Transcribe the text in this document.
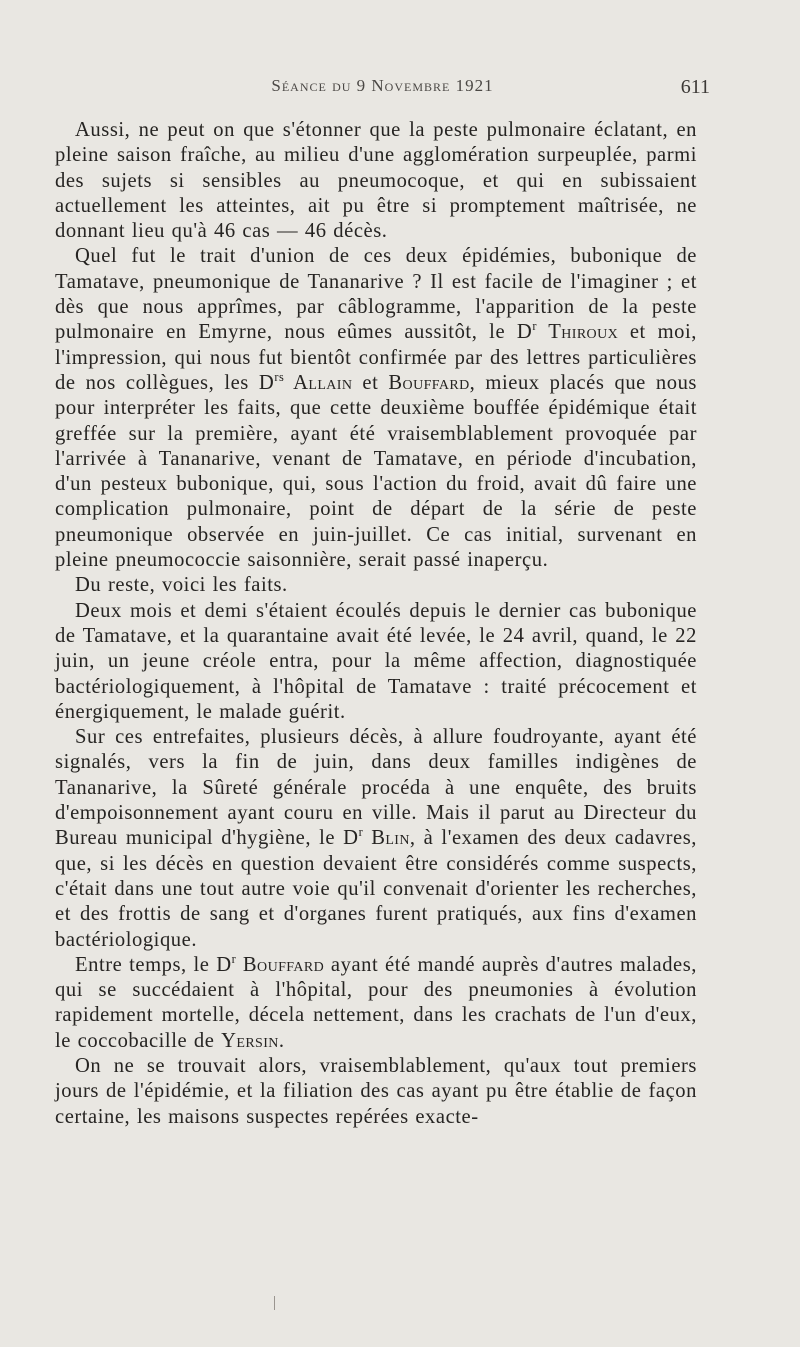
Séance du 9 Novembre 1921	611

Aussi, ne peut on que s'étonner que la peste pulmonaire éclatant, en pleine saison fraîche, au milieu d'une agglomération surpeuplée, parmi des sujets si sensibles au pneumocoque, et qui en subissaient actuellement les atteintes, ait pu être si promptement maîtrisée, ne donnant lieu qu'à 46 cas — 46 décès.

Quel fut le trait d'union de ces deux épidémies, bubonique de Tamatave, pneumonique de Tananarive ? Il est facile de l'imaginer ; et dès que nous apprîmes, par câblogramme, l'apparition de la peste pulmonaire en Emyrne, nous eûmes aussitôt, le $D^r$ Thiroux et moi, l'impression, qui nous fut bientôt confirmée par des lettres particulières de nos collègues, les $D^{rs}$ Allain et Bouffard, mieux placés que nous pour interpréter les faits, que cette deuxième bouffée épidémique était greffée sur la première, ayant été vraisemblablement provoquée par l'arrivée à Tananarive, venant de Tamatave, en période d'incubation, d'un pesteux bubonique, qui, sous l'action du froid, avait dû faire une complication pulmonaire, point de départ de la série de peste pneumonique observée en juin-juillet. Ce cas initial, survenant en pleine pneumococcie saisonnière, serait passé inaperçu.

Du reste, voici les faits.

Deux mois et demi s'étaient écoulés depuis le dernier cas bubonique de Tamatave, et la quarantaine avait été levée, le 24 avril, quand, le 22 juin, un jeune créole entra, pour la même affection, diagnostiquée bactériologiquement, à l'hôpital de Tamatave : traité précocement et énergiquement, le malade guérit.

Sur ces entrefaites, plusieurs décès, à allure foudroyante, ayant été signalés, vers la fin de juin, dans deux familles indigènes de Tananarive, la Sûreté générale procéda à une enquête, des bruits d'empoisonnement ayant couru en ville. Mais il parut au Directeur du Bureau municipal d'hygiène, le $D^r$ Blin, à l'examen des deux cadavres, que, si les décès en question devaient être considérés comme suspects, c'était dans une tout autre voie qu'il convenait d'orienter les recherches, et des frottis de sang et d'organes furent pratiqués, aux fins d'examen bactériologique.

Entre temps, le $D^r$ Bouffard ayant été mandé auprès d'autres malades, qui se succédaient à l'hôpital, pour des pneumonies à évolution rapidement mortelle, décela nettement, dans les crachats de l'un d'eux, le coccobacille de Yersin.

On ne se trouvait alors, vraisemblablement, qu'aux tout premiers jours de l'épidémie, et la filiation des cas ayant pu être établie de façon certaine, les maisons suspectes repérées exacte-
